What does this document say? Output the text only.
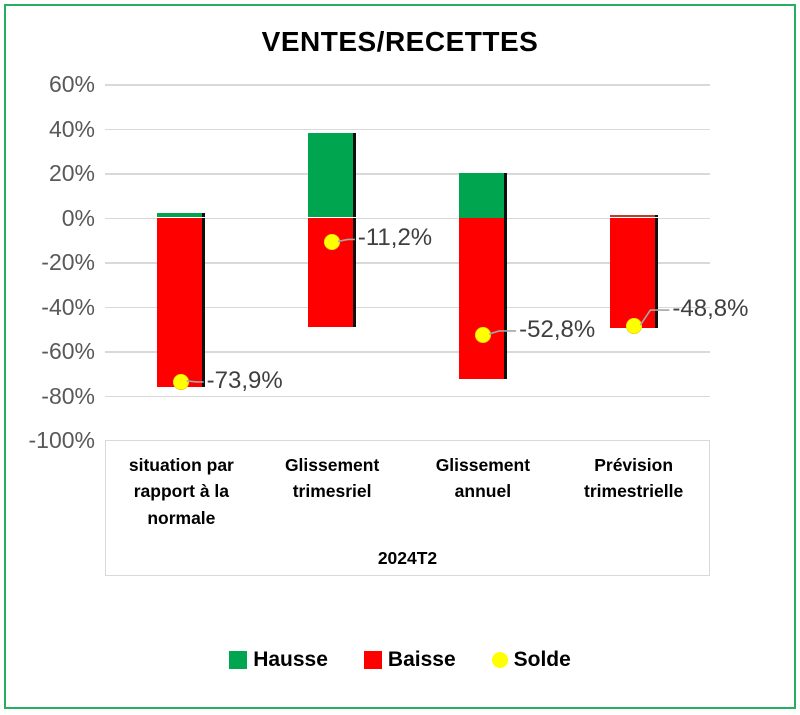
VENTES/RECETTES
60%
40%
20%
0%
-20%
-40%
-60%
-80%
-100%
-73,9%
-11,2%
-52,8%
-48,8%
situation par rapport à la normale
Glissement trimesriel
Glissement annuel
Prévision trimestrielle
2024T2
Hausse	Baisse	Solde
